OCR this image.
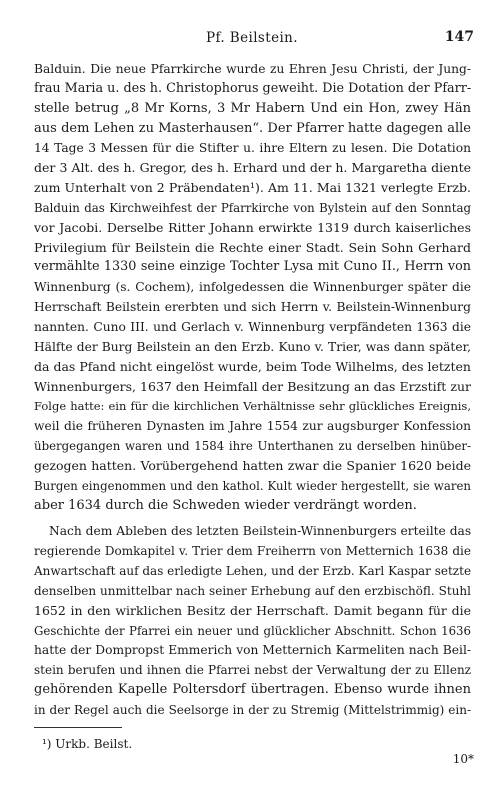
Pf. Beilstein.	147
Balduin. Die neue Pfarrkirche wurde zu Ehren Jesu Christi, der Jung-
frau Maria u. des h. Christophorus geweiht. Die Dotation der Pfarr-
stelle betrug „8 Mr Korns, 3 Mr Habern Und ein Hon, zwey Hän
aus dem Lehen zu Masterhausen“. Der Pfarrer hatte dagegen alle
14 Tage 3 Messen für die Stifter u. ihre Eltern zu lesen. Die Dotation
der 3 Alt. des h. Gregor, des h. Erhard und der h. Margaretha diente
zum Unterhalt von 2 Präbendaten¹). Am 11. Mai 1321 verlegte Erzb.
Balduin das Kirchweihfest der Pfarrkirche von Bylstein auf den Sonntag
vor Jacobi. Derselbe Ritter Johann erwirkte 1319 durch kaiserliches
Privilegium für Beilstein die Rechte einer Stadt. Sein Sohn Gerhard
vermählte 1330 seine einzige Tochter Lysa mit Cuno II., Herrn von
Winnenburg (s. Cochem), infolgedessen die Winnenburger später die
Herrschaft Beilstein ererbten und sich Herrn v. Beilstein-Winnenburg
nannten. Cuno III. und Gerlach v. Winnenburg verpfändeten 1363 die
Hälfte der Burg Beilstein an den Erzb. Kuno v. Trier, was dann später,
da das Pfand nicht eingelöst wurde, beim Tode Wilhelms, des letzten
Winnenburgers, 1637 den Heimfall der Besitzung an das Erzstift zur
Folge hatte: ein für die kirchlichen Verhältnisse sehr glückliches Ereignis,
weil die früheren Dynasten im Jahre 1554 zur augsburger Konfession
übergegangen waren und 1584 ihre Unterthanen zu derselben hinüber-
gezogen hatten. Vorübergehend hatten zwar die Spanier 1620 beide
Burgen eingenommen und den kathol. Kult wieder hergestellt, sie waren
aber 1634 durch die Schweden wieder verdrängt worden.
Nach dem Ableben des letzten Beilstein-Winnenburgers erteilte das
regierende Domkapitel v. Trier dem Freiherrn von Metternich 1638 die
Anwartschaft auf das erledigte Lehen, und der Erzb. Karl Kaspar setzte
denselben unmittelbar nach seiner Erhebung auf den erzbischöfl. Stuhl
1652 in den wirklichen Besitz der Herrschaft. Damit begann für die
Geschichte der Pfarrei ein neuer und glücklicher Abschnitt. Schon 1636
hatte der Dompropst Emmerich von Metternich Karmeliten nach Beil-
stein berufen und ihnen die Pfarrei nebst der Verwaltung der zu Ellenz
gehörenden Kapelle Poltersdorf übertragen. Ebenso wurde ihnen
in der Regel auch die Seelsorge in der zu Stremig (Mittelstrimmig) ein-
¹) Urkb. Beilst.
10*
